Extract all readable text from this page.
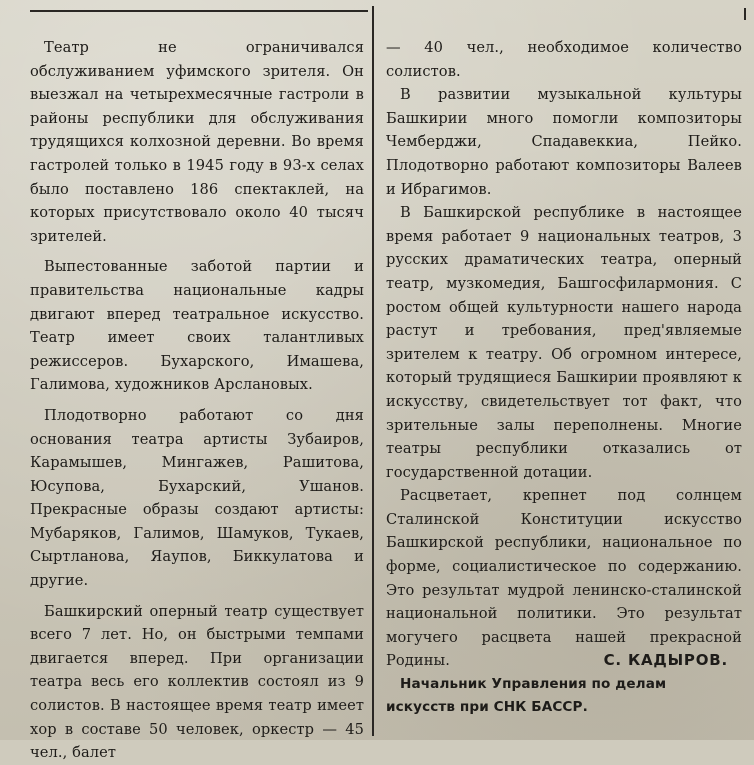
Театр не ограничивался обслуживанием уфимского зрителя. Он выезжал на четырехмесячные гастроли в районы республики для обслуживания трудящихся колхозной деревни. Во время гастролей только в 1945 году в 93-х селах было поставлено 186 спектаклей, на которых присутствовало около 40 тысяч зрителей.

Выпестованные заботой партии и правительства национальные кадры двигают вперед театральное искусство. Театр имеет своих талантливых режиссеров. Бухарского, Имашева, Галимова, художников Арслановых.

Плодотворно работают со дня основания театра артисты Зубаиров, Карамышев, Мингажев, Рашитова, Юсупова, Бухарский, Ушанов. Прекрасные образы создают артисты: Мубаряков, Галимов, Шамуков, Тукаев, Сыртланова, Яаупов, Биккулатова и другие.

Башкирский оперный театр существует всего 7 лет. Но, он быстрыми темпами двигается вперед. При организации театра весь его коллектив состоял из 9 солистов. В настоящее время театр имеет хор в составе 50 человек, оркестр — 45 чел., балет

— 40 чел., необходимое количество солистов.

В развитии музыкальной культуры Башкирии много помогли композиторы Чемберджи, Спадавеккиа, Пейко. Плодотворно работают композиторы Валеев и Ибрагимов.

В Башкирской республике в настоящее время работает 9 национальных театров, 3 русских драматических театра, оперный театр, музкомедия, Башгосфилармония. С ростом общей культурности нашего народа растут и требования, пред'являемые зрителем к театру. Об огромном интересе, который трудящиеся Башкирии проявляют к искусству, свидетельствует тот факт, что зрительные залы переполнены. Многие театры республики отказались от государственной дотации.

Расцветает, крепнет под солнцем Сталинской Конституции искусство Башкирской республики, национальное по форме, социалистическое по содержанию. Это результат мудрой ленинско-сталинской национальной политики. Это результат могучего расцвета нашей прекрасной Родины.	С. КАДЫРОВ.

Начальник Управления по делам
искусств при СНК БАССР.
